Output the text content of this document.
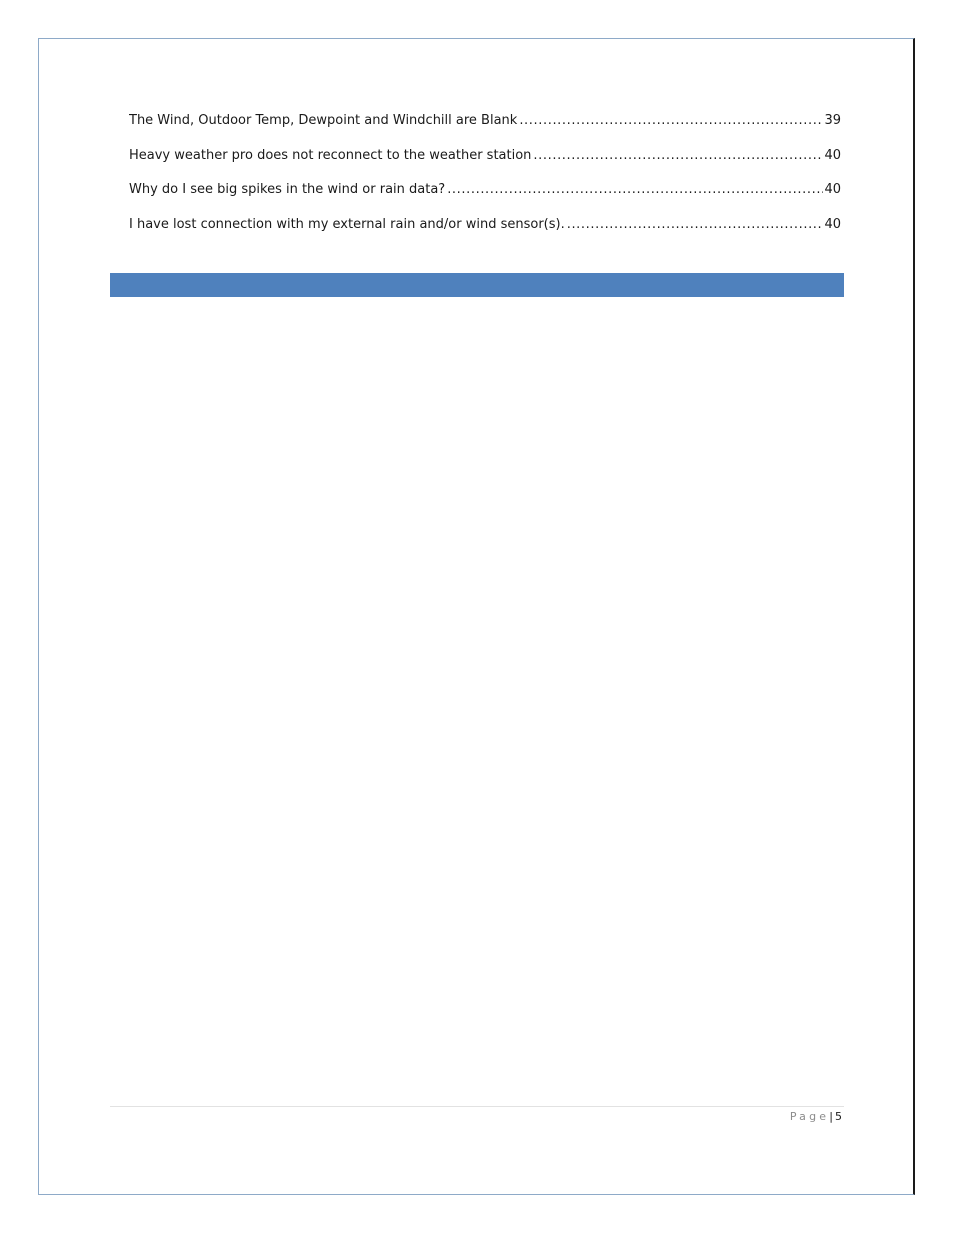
The Wind, Outdoor Temp, Dewpoint and Windchill are Blank .....	39
Heavy weather pro does not reconnect to the weather station .....	40
Why do I see big spikes in the wind or rain data? .....	40
I have lost connection with my external rain and/or wind sensor(s). .....	40
Page | 5
